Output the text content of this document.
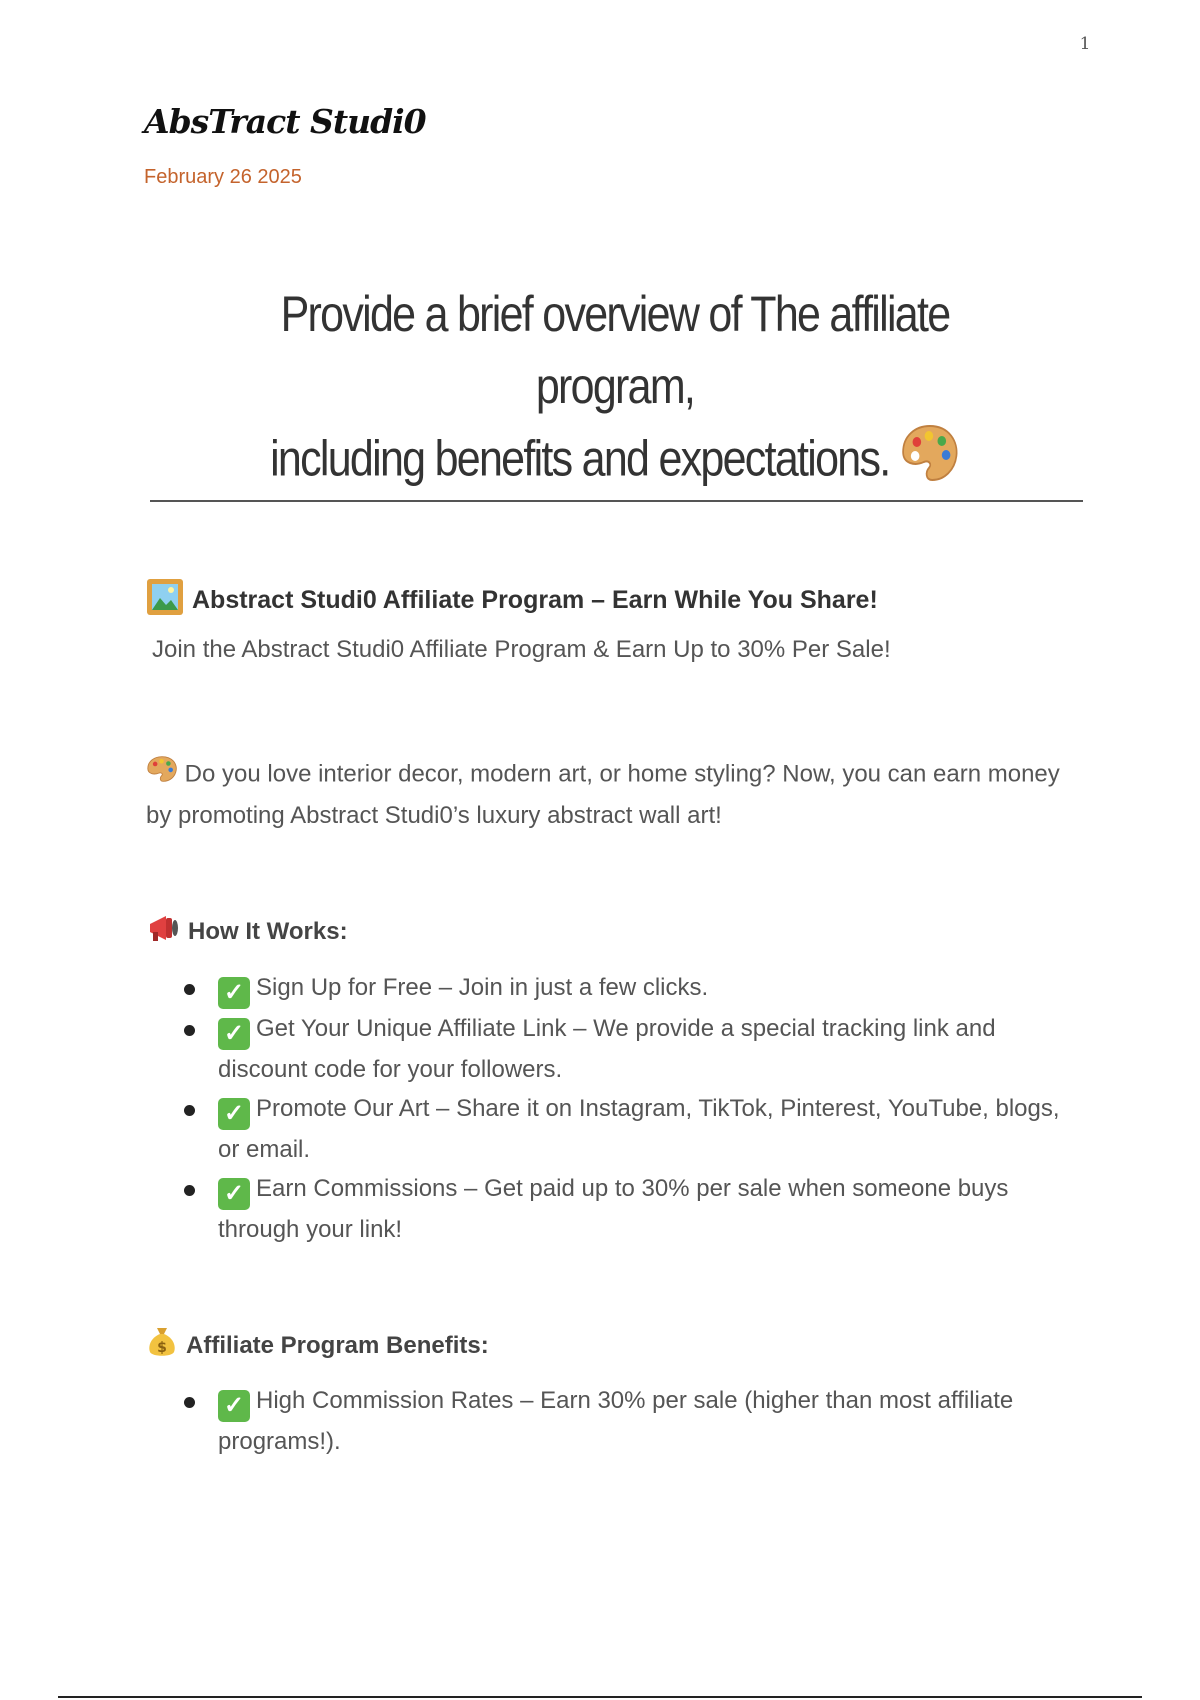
1
AbsTract Studi0
February 26 2025
Provide a brief overview of The affiliate program,
including benefits and expectations.
Abstract Studi0 Affiliate Program – Earn While You Share!
Join the Abstract Studi0 Affiliate Program & Earn Up to 30% Per Sale!
Do you love interior decor, modern art, or home styling? Now, you can earn money by promoting Abstract Studi0’s luxury abstract wall art!
How It Works:
✓ Sign Up for Free – Join in just a few clicks.
✓ Get Your Unique Affiliate Link – We provide a special tracking link and discount code for your followers.
✓ Promote Our Art – Share it on Instagram, TikTok, Pinterest, YouTube, blogs, or email.
✓ Earn Commissions – Get paid up to 30% per sale when someone buys through your link!
$ Affiliate Program Benefits:
✓ High Commission Rates – Earn 30% per sale (higher than most affiliate programs!).
